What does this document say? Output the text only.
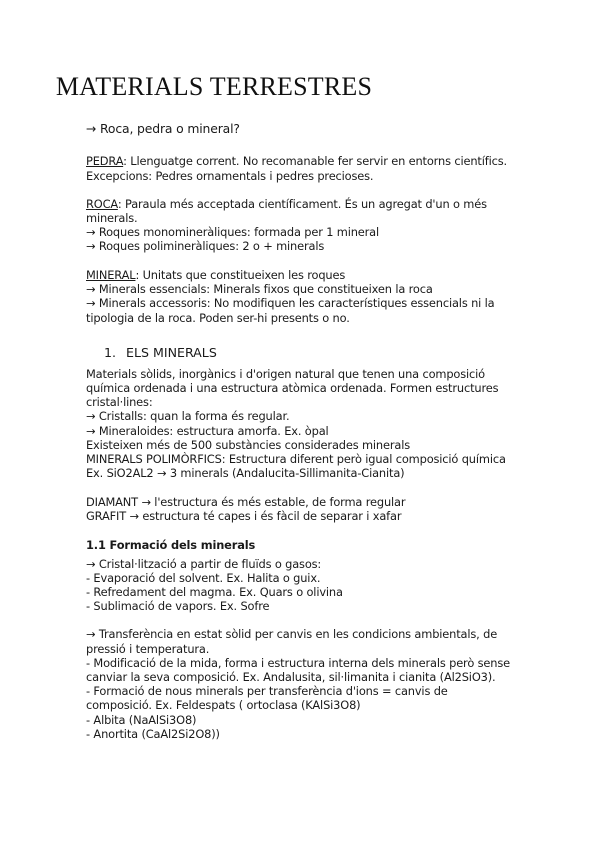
MATERIALS TERRESTRES
→ Roca, pedra o mineral?
PEDRA: Llenguatge corrent. No recomanable fer servir en entorns científics.
Excepcions: Pedres ornamentals i pedres precioses.
ROCA: Paraula més acceptada científicament. És un agregat d'un o més
minerals.
→ Roques monomineràliques: formada per 1 mineral
→ Roques polimineràliques: 2 o + minerals
MINERAL: Unitats que constitueixen les roques
→ Minerals essencials: Minerals fixos que constitueixen la roca
→ Minerals accessoris: No modifiquen les característiques essencials ni la
tipologia de la roca. Poden ser-hi presents o no.
1. ELS MINERALS
Materials sòlids, inorgànics i d'origen natural que tenen una composició
química ordenada i una estructura atòmica ordenada. Formen estructures
cristal·lines:
→ Cristalls: quan la forma és regular.
→ Mineraloides: estructura amorfa. Ex. òpal
Existeixen més de 500 substàncies considerades minerals
MINERALS POLIMÒRFICS: Estructura diferent però igual composició química
Ex. SiO2AL2 → 3 minerals (Andalucita-Sillimanita-Cianita)
DIAMANT → l'estructura és més estable, de forma regular
GRAFIT → estructura té capes i és fàcil de separar i xafar
1.1 Formació dels minerals
→ Cristal·lització a partir de fluïds o gasos:
- Evaporació del solvent. Ex. Halita o guix.
- Refredament del magma. Ex. Quars o olivina
- Sublimació de vapors. Ex. Sofre
→ Transferència en estat sòlid per canvis en les condicions ambientals, de
pressió i temperatura.
- Modificació de la mida, forma i estructura interna dels minerals però sense
canviar la seva composició. Ex. Andalusita, sil·limanita i cianita (Al2SiO3).
- Formació de nous minerals per transferència d'ions = canvis de
composició. Ex. Feldespats ( ortoclasa (KAlSi3O8)
- Albita (NaAlSi3O8)
- Anortita (CaAl2Si2O8))
